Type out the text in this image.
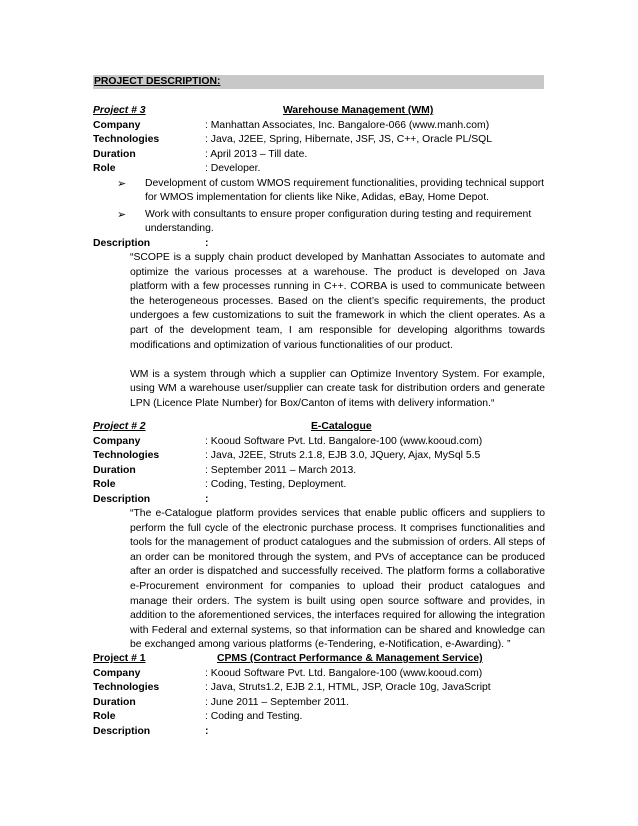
PROJECT DESCRIPTION:
Project # 3	Warehouse Management (WM)
Company	: Manhattan Associates, Inc. Bangalore-066 (www.manh.com)
Technologies	: Java, J2EE, Spring, Hibernate, JSF, JS, C++, Oracle PL/SQL
Duration	: April 2013 – Till date.
Role	: Developer.
➢ Development of custom WMOS requirement functionalities, providing technical support for WMOS implementation for clients like Nike, Adidas, eBay, Home Depot.
➢ Work with consultants to ensure proper configuration during testing and requirement understanding.
Description	:

“SCOPE is a supply chain product developed by Manhattan Associates to automate and optimize the various processes at a warehouse. The product is developed on Java platform with a few processes running in C++. CORBA is used to communicate between the heterogeneous processes. Based on the client’s specific requirements, the product undergoes a few customizations to suit the framework in which the client operates. As a part of the development team, I am responsible for developing algorithms towards modifications and optimization of various functionalities of our product.

WM is a system through which a supplier can Optimize Inventory System. For example, using WM a warehouse user/supplier can create task for distribution orders and generate LPN (Licence Plate Number) for Box/Canton of items with delivery information.“

Project # 2	E-Catalogue
Company	: Kooud Software Pvt. Ltd. Bangalore-100 (www.kooud.com)
Technologies	: Java, J2EE, Struts 2.1.8, EJB 3.0, JQuery, Ajax, MySql 5.5
Duration	: September 2011 – March 2013.
Role	: Coding, Testing, Deployment.
Description	:

“The e-Catalogue platform provides services that enable public officers and suppliers to perform the full cycle of the electronic purchase process. It comprises functionalities and tools for the management of product catalogues and the submission of orders. All steps of an order can be monitored through the system, and PVs of acceptance can be produced after an order is dispatched and successfully received. The platform forms a collaborative e-Procurement environment for companies to upload their product catalogues and manage their orders. The system is built using open source software and provides, in addition to the aforementioned services, the interfaces required for allowing the integration with Federal and external systems, so that information can be shared and knowledge can be exchanged among various platforms (e-Tendering, e-Notification, e-Awarding). ”

Project # 1	CPMS (Contract Performance & Management Service)
Company	: Kooud Software Pvt. Ltd. Bangalore-100 (www.kooud.com)
Technologies	: Java, Struts1.2, EJB 2.1, HTML, JSP, Oracle 10g, JavaScript
Duration	: June 2011 – September 2011.
Role	: Coding and Testing.
Description	:
